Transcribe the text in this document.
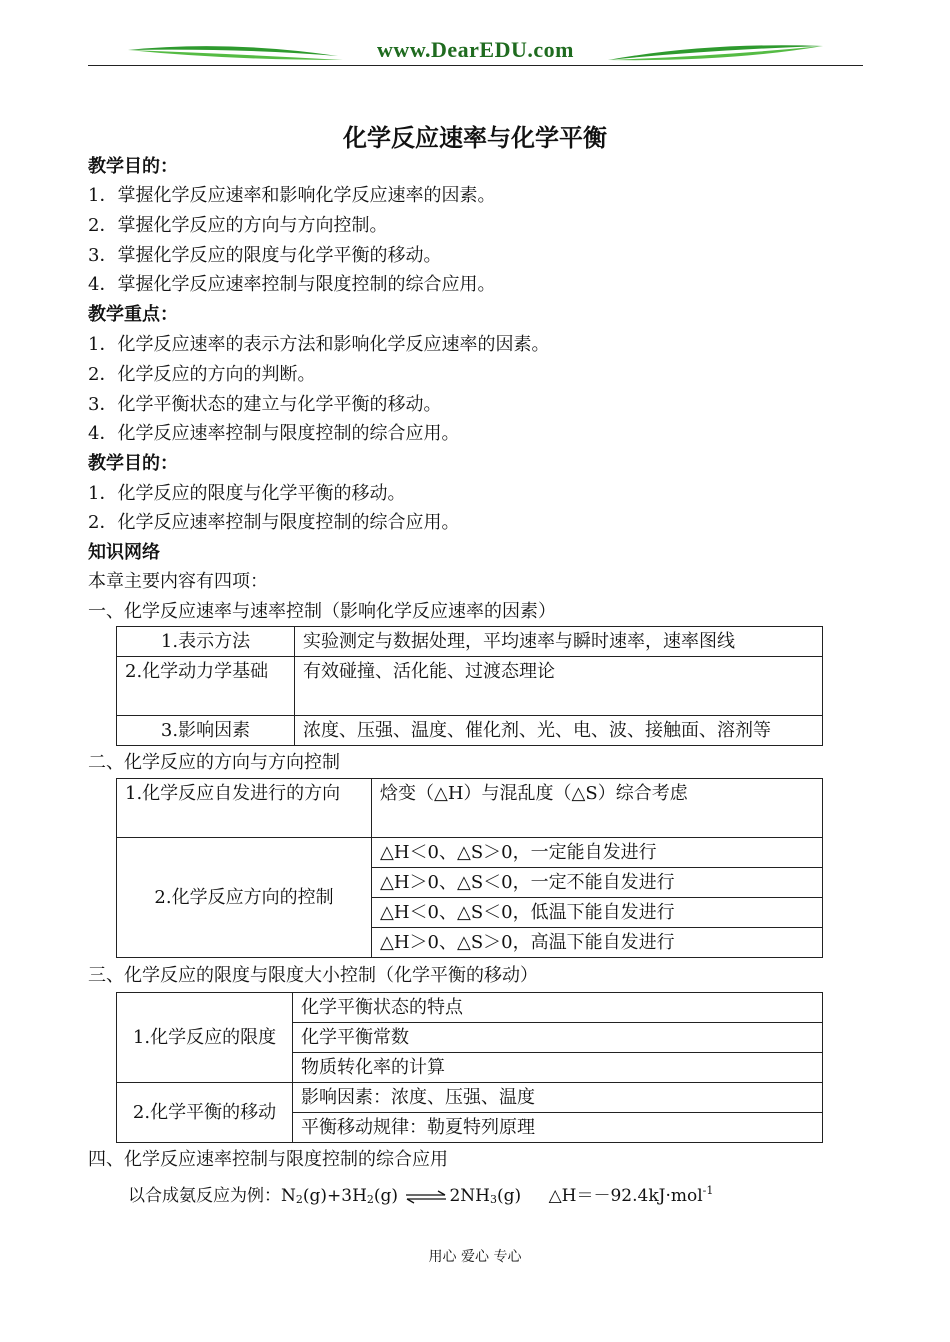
www.DearEDU.com
化学反应速率与化学平衡
教学目的：
1．掌握化学反应速率和影响化学反应速率的因素。
2．掌握化学反应的方向与方向控制。
3．掌握化学反应的限度与化学平衡的移动。
4．掌握化学反应速率控制与限度控制的综合应用。
教学重点：
1．化学反应速率的表示方法和影响化学反应速率的因素。
2．化学反应的方向的判断。
3．化学平衡状态的建立与化学平衡的移动。
4．化学反应速率控制与限度控制的综合应用。
教学目的：
1．化学反应的限度与化学平衡的移动。
2．化学反应速率控制与限度控制的综合应用。
知识网络
本章主要内容有四项：
一、化学反应速率与速率控制（影响化学反应速率的因素）
1.表示方法	实验测定与数据处理，平均速率与瞬时速率，速率图线
2.化学动力学基础	有效碰撞、活化能、过渡态理论
3.影响因素	浓度、压强、温度、催化剂、光、电、波、接触面、溶剂等
二、化学反应的方向与方向控制
1.化学反应自发进行的方向	焓变（△H）与混乱度（△S）综合考虑
2.化学反应方向的控制	△H＜0、△S＞0，一定能自发进行
	△H＞0、△S＜0，一定不能自发进行
	△H＜0、△S＜0，低温下能自发进行
	△H＞0、△S＞0，高温下能自发进行
三、化学反应的限度与限度大小控制（化学平衡的移动）
1.化学反应的限度	化学平衡状态的特点
	化学平衡常数
	物质转化率的计算
2.化学平衡的移动	影响因素：浓度、压强、温度
	平衡移动规律：勒夏特列原理
四、化学反应速率控制与限度控制的综合应用
以合成氨反应为例：$N_2(g)+3H_2(g)$ ⇌ $2NH_3(g)$ △H＝－92.4kJ·mol$^{-1}$
用心 爱心 专心
